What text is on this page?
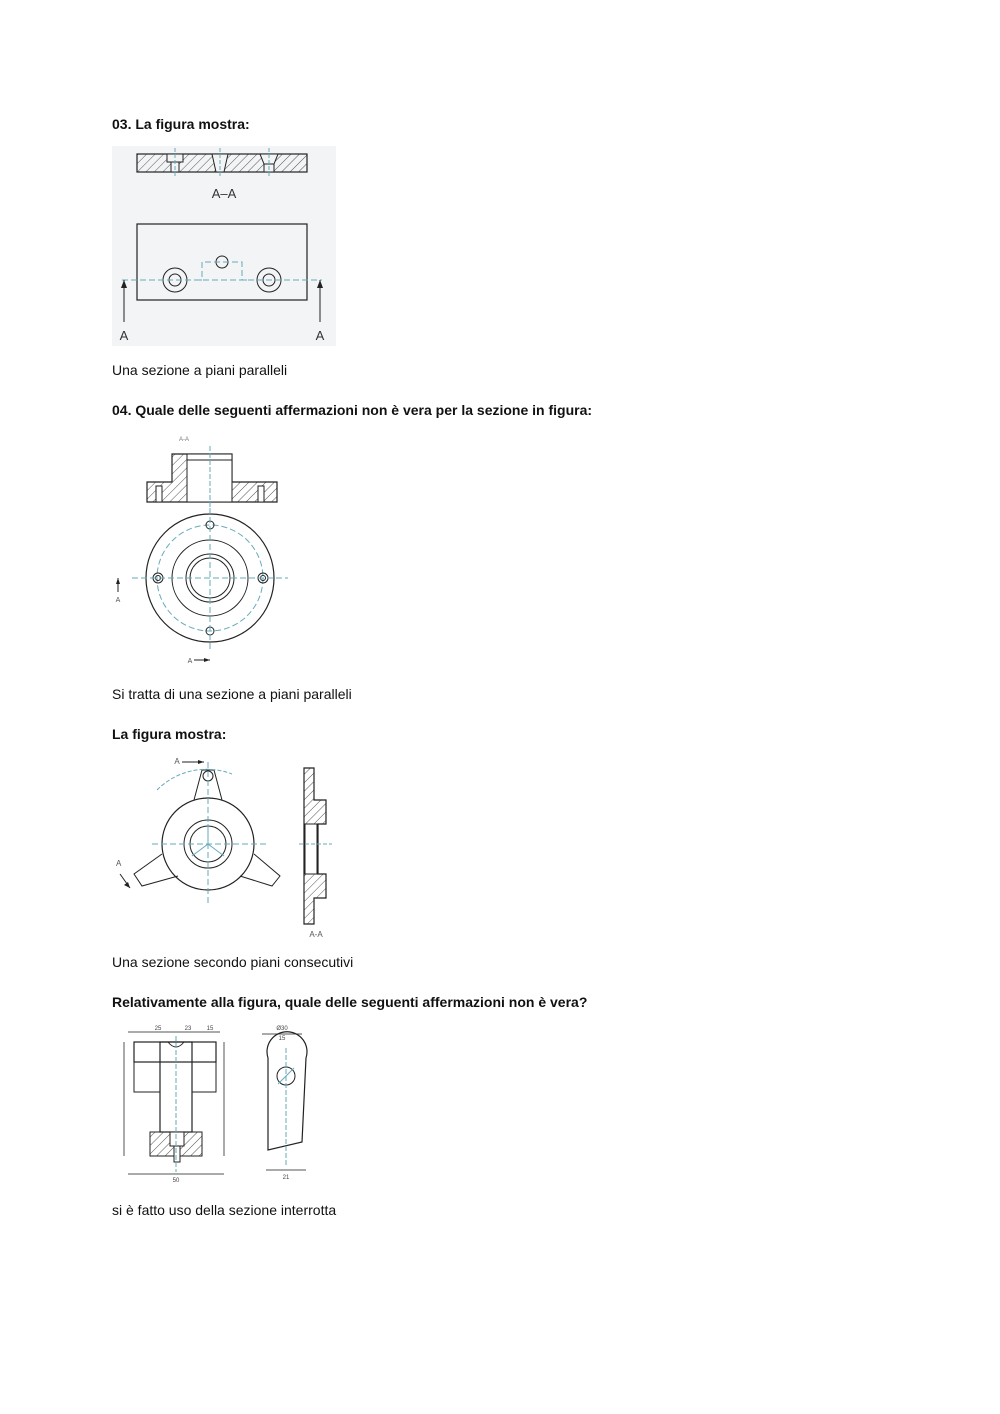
03. La figura mostra:
A–A
A	A
Una sezione a piani paralleli
04. Quale delle seguenti affermazioni non è vera per la sezione in figura:
A-A
A
A
Si tratta di una sezione a piani paralleli
La figura mostra:
A
A
A-A
Una sezione secondo piani consecutivi
Relativamente alla figura, quale delle seguenti affermazioni non è vera?
25	23	15
50
Ø30
15
21
si è fatto uso della sezione interrotta
